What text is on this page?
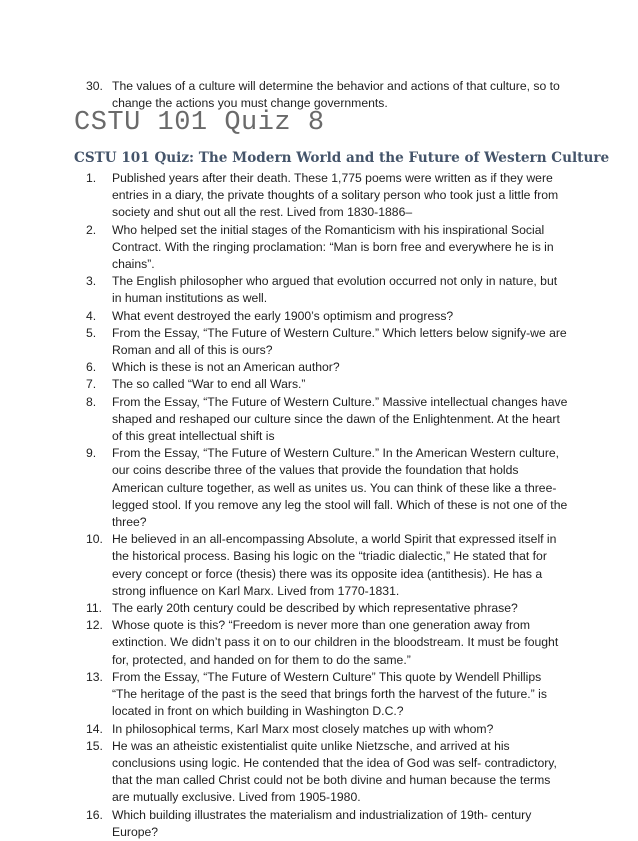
30. The values of a culture will determine the behavior and actions of that culture, so to change the actions you must change governments.
CSTU 101 Quiz 8
CSTU 101 Quiz: The Modern World and the Future of Western Culture
1.	Published years after their death. These 1,775 poems were written as if they were entries in a diary, the private thoughts of a solitary person who took just a little from society and shut out all the rest. Lived from 1830-1886–
2.	Who helped set the initial stages of the Romanticism with his inspirational Social Contract. With the ringing proclamation: “Man is born free and everywhere he is in chains”.
3.	The English philosopher who argued that evolution occurred not only in nature, but in human institutions as well.
4.	What event destroyed the early 1900’s optimism and progress?
5.	From the Essay, “The Future of Western Culture.” Which letters below signify-we are Roman and all of this is ours?
6.	Which is these is not an American author?
7.	The so called “War to end all Wars.”
8.	From the Essay, “The Future of Western Culture.” Massive intellectual changes have shaped and reshaped our culture since the dawn of the Enlightenment. At the heart of this great intellectual shift is
9.	From the Essay, “The Future of Western Culture.” In the American Western culture, our coins describe three of the values that provide the foundation that holds American culture together, as well as unites us. You can think of these like a three-legged stool. If you remove any leg the stool will fall. Which of these is not one of the three?
10. He believed in an all-encompassing Absolute, a world Spirit that expressed itself in the historical process. Basing his logic on the “triadic dialectic,” He stated that for every concept or force (thesis) there was its opposite idea (antithesis). He has a strong influence on Karl Marx. Lived from 1770-1831.
11. The early 20th century could be described by which representative phrase?
12. Whose quote is this? “Freedom is never more than one generation away from extinction. We didn’t pass it on to our children in the bloodstream. It must be fought for, protected, and handed on for them to do the same.”
13. From the Essay, “The Future of Western Culture” This quote by Wendell Phillips “The heritage of the past is the seed that brings forth the harvest of the future.” is located in front on which building in Washington D.C.?
14. In philosophical terms, Karl Marx most closely matches up with whom?
15. He was an atheistic existentialist quite unlike Nietzsche, and arrived at his conclusions using logic. He contended that the idea of God was self- contradictory, that the man called Christ could not be both divine and human because the terms are mutually exclusive. Lived from 1905-1980.
16. Which building illustrates the materialism and industrialization of 19th- century Europe?
